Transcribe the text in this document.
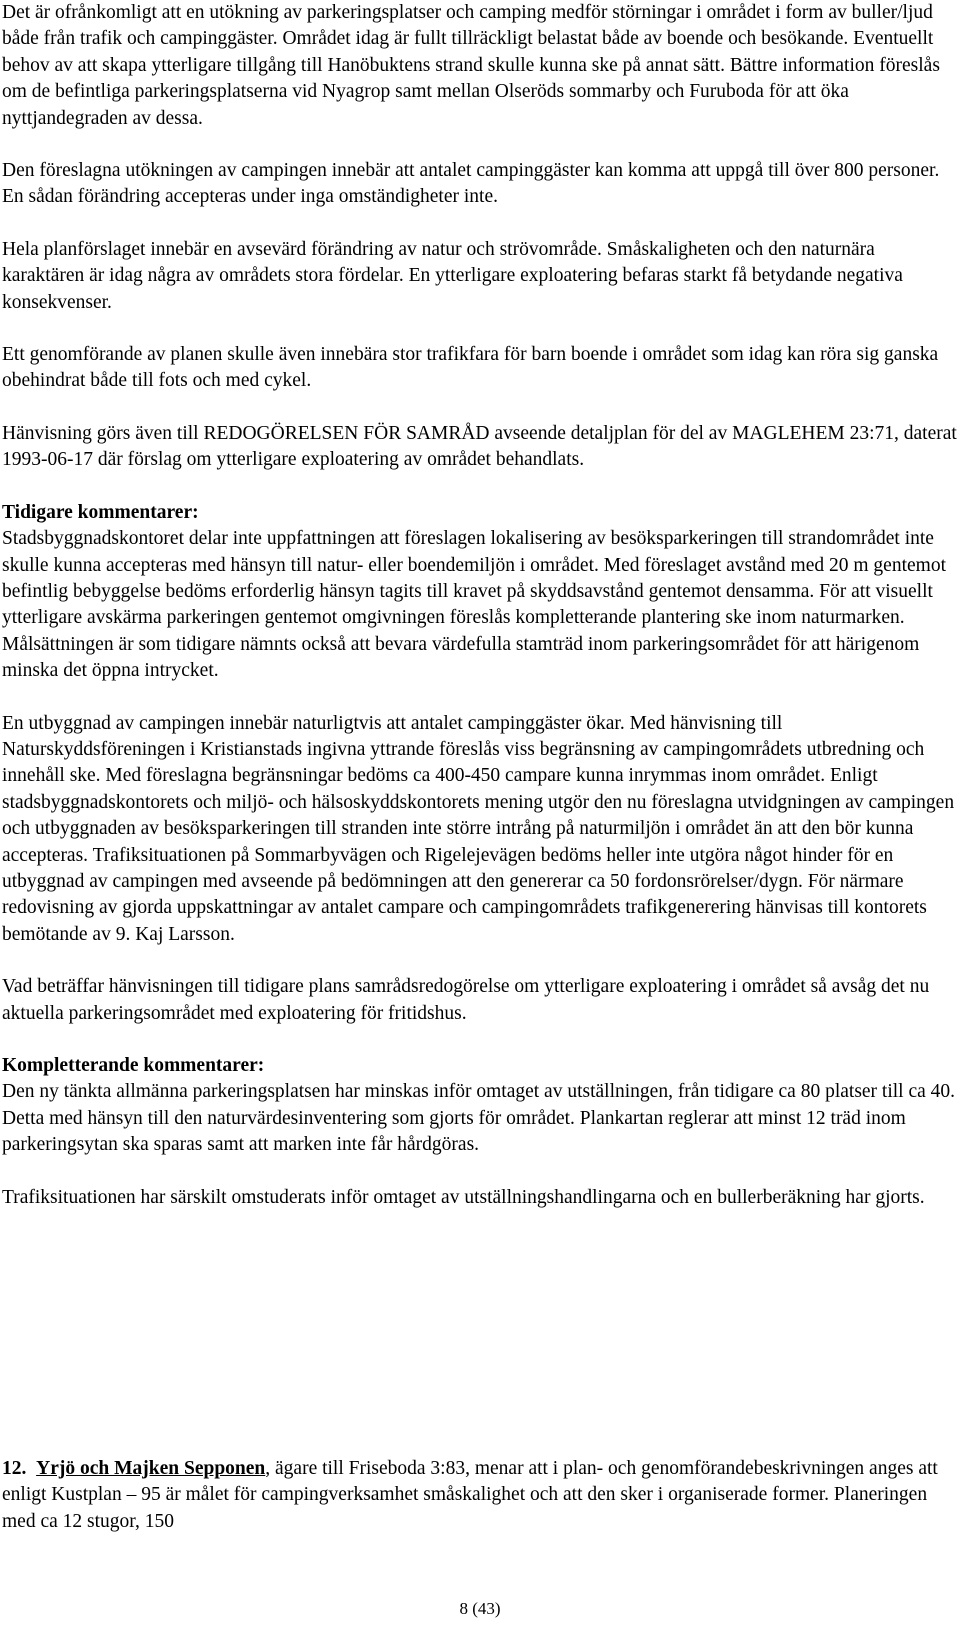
Det är ofrånkomligt att en utökning av parkeringsplatser och camping medför störningar i området i form av buller/ljud både från trafik och campinggäster. Området idag är fullt tillräckligt belastat både av boende och besökande. Eventuellt behov av att skapa ytterligare tillgång till Hanöbuktens strand skulle kunna ske på annat sätt. Bättre information föreslås om de befintliga parkeringsplatserna vid Nyagrop samt mellan Olseröds sommarby och Furuboda för att öka nyttjandegraden av dessa.

Den föreslagna utökningen av campingen innebär att antalet campinggäster kan komma att uppgå till över 800 personer. En sådan förändring accepteras under inga omständigheter inte.

Hela planförslaget innebär en avsevärd förändring av natur och strövområde. Småskaligheten och den naturnära karaktären är idag några av områdets stora fördelar. En ytterligare exploatering befaras starkt få betydande negativa konsekvenser.

Ett genomförande av planen skulle även innebära stor trafikfara för barn boende i området som idag kan röra sig ganska obehindrat både till fots och med cykel.

Hänvisning görs även till REDOGÖRELSEN FÖR SAMRÅD avseende detaljplan för del av MAGLEHEM 23:71, daterat 1993-06-17 där förslag om ytterligare exploatering av området behandlats.

Tidigare kommentarer:

Stadsbyggnadskontoret delar inte uppfattningen att föreslagen lokalisering av besöksparkeringen till strandområdet inte skulle kunna accepteras med hänsyn till natur- eller boendemiljön i området. Med föreslaget avstånd med 20 m gentemot befintlig bebyggelse bedöms erforderlig hänsyn tagits till kravet på skyddsavstånd gentemot densamma. För att visuellt ytterligare avskärma parkeringen gentemot omgivningen föreslås kompletterande plantering ske inom naturmarken. Målsättningen är som tidigare nämnts också att bevara värdefulla stamträd inom parkeringsområdet för att härigenom minska det öppna intrycket.

En utbyggnad av campingen innebär naturligtvis att antalet campinggäster ökar. Med hänvisning till Naturskyddsföreningen i Kristianstads ingivna yttrande föreslås viss begränsning av campingområdets utbredning och innehåll ske. Med föreslagna begränsningar bedöms ca 400-450 campare kunna inrymmas inom området. Enligt stadsbyggnadskontorets och miljö- och hälsoskyddskontorets mening utgör den nu föreslagna utvidgningen av campingen och utbyggnaden av besöksparkeringen till stranden inte större intrång på naturmiljön i området än att den bör kunna accepteras. Trafiksituationen på Sommarbyvägen och Rigelejevägen bedöms heller inte utgöra något hinder för en utbyggnad av campingen med avseende på bedömningen att den genererar ca 50 fordonsrörelser/dygn. För närmare redovisning av gjorda uppskattningar av antalet campare och campingområdets trafikgenerering hänvisas till kontorets bemötande av 9. Kaj Larsson.

Vad beträffar hänvisningen till tidigare plans samrådsredogörelse om ytterligare exploatering i området så avsåg det nu aktuella parkeringsområdet med exploatering för fritidshus.

Kompletterande kommentarer:

Den ny tänkta allmänna parkeringsplatsen har minskas inför omtaget av utställningen, från tidigare ca 80 platser till ca 40. Detta med hänsyn till den naturvärdesinventering som gjorts för området. Plankartan reglerar att minst 12 träd inom parkeringsytan ska sparas samt att marken inte får hårdgöras.

Trafiksituationen har särskilt omstuderats inför omtaget av utställningshandlingarna och en bullerberäkning har gjorts.

12. Yrjö och Majken Sepponen, ägare till Friseboda 3:83, menar att i plan- och genomförandebeskrivningen anges att enligt Kustplan – 95 är målet för campingverksamhet småskalighet och att den sker i organiserade former. Planeringen med ca 12 stugor, 150
8 (43)
